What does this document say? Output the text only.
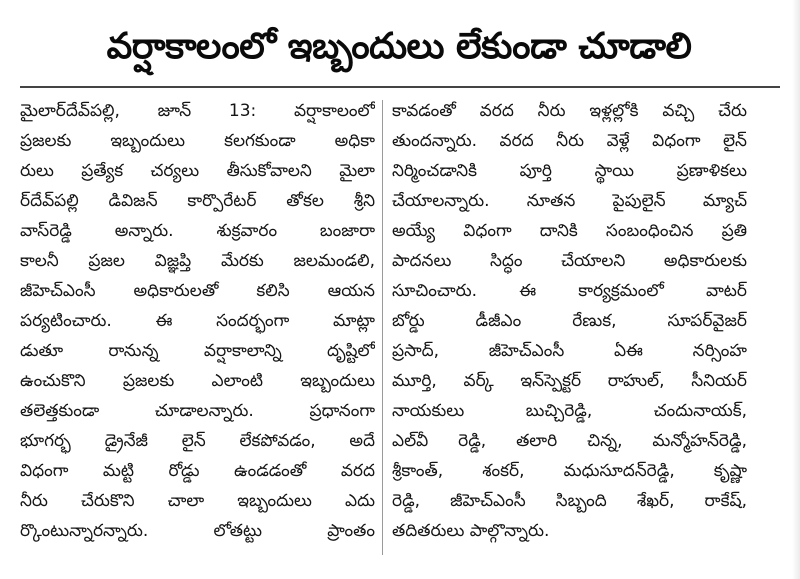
వర్షాకాలంలో ఇబ్బందులు లేకుండా చూడాలి
మైలార్‌దేవ్‌పల్లి, జూన్ 13: వర్షాకాలంలో
ప్రజలకు ఇబ్బందులు కలగకుండా అధికా
రులు ప్రత్యేక చర్యలు తీసుకోవాలని మైలా
ర్‌దేవ్‌పల్లి డివిజన్ కార్పొరేటర్ తోకల శ్రీని
వాస్‌రెడ్డి అన్నారు. శుక్రవారం బంజారా
కాలనీ ప్రజల విజ్ఞప్తి మేరకు జలమండలి,
జీహెచ్‌ఎంసీ అధికారులతో కలిసి ఆయన
పర్యటించారు. ఈ సందర్భంగా మాట్లా
డుతూ రానున్న వర్షాకాలాన్ని దృష్టిలో
ఉంచుకొని ప్రజలకు ఎలాంటి ఇబ్బందులు
తలెత్తకుండా చూడాలన్నారు. ప్రధానంగా
భూగర్భ డ్రైనేజీ లైన్ లేకపోవడం, అదే
విధంగా మట్టి రోడ్డు ఉండడంతో వరద
నీరు చేరుకొని చాలా ఇబ్బందులు ఎదు
ర్కొంటున్నారన్నారు. లోతట్టు ప్రాంతం
కావడంతో వరద నీరు ఇళ్లల్లోకి వచ్చి చేరు
తుందన్నారు. వరద నీరు వెళ్లే విధంగా లైన్
నిర్మించడానికి పూర్తి స్థాయి ప్రణాళికలు
చేయాలన్నారు. నూతన పైపులైన్ మ్యాచ్
అయ్యే విధంగా దానికి సంబంధించిన ప్రతి
పాదనలు సిద్ధం చేయాలని అధికారులకు
సూచించారు. ఈ కార్యక్రమంలో వాటర్
బోర్డు డీజీఎం రేణుక, సూపర్‌వైజర్
ప్రసాద్, జీహెచ్‌ఎంసీ ఏఈ నర్సింహ
మూర్తి, వర్క్ ఇన్‌స్పెక్టర్ రాహుల్, సీనియర్
నాయకులు బుచ్చిరెడ్డి, చందునాయక్,
ఎల్‌వీ రెడ్డి, తలారి చిన్న, మన్మోహన్‌రెడ్డి,
శ్రీకాంత్, శంకర్, మధుసూదన్‌రెడ్డి, కృష్ణా
రెడ్డి, జీహెచ్‌ఎంసీ సిబ్బంది శేఖర్, రాకేష్,
తదితరులు పాల్గొన్నారు.
